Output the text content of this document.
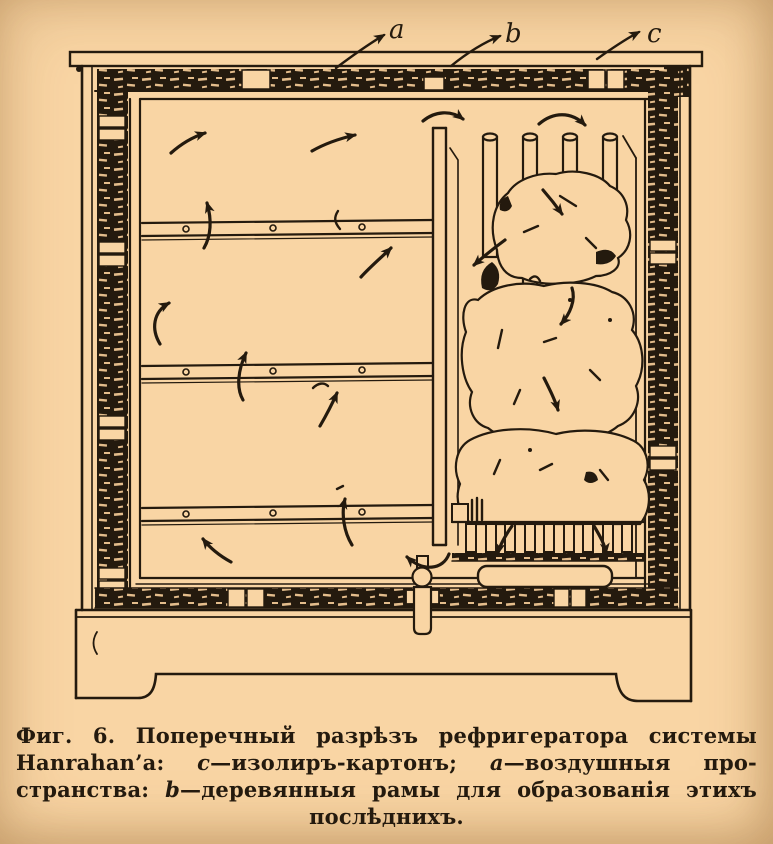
a	b	c
Фиг. 6. Поперечный разрѣзъ рефригератора системы
Hanrahan’а: с—изолиръ-картонъ; а—воздушныя про-
странства: b—деревянныя рамы для образованія этихъ
послѣднихъ.
